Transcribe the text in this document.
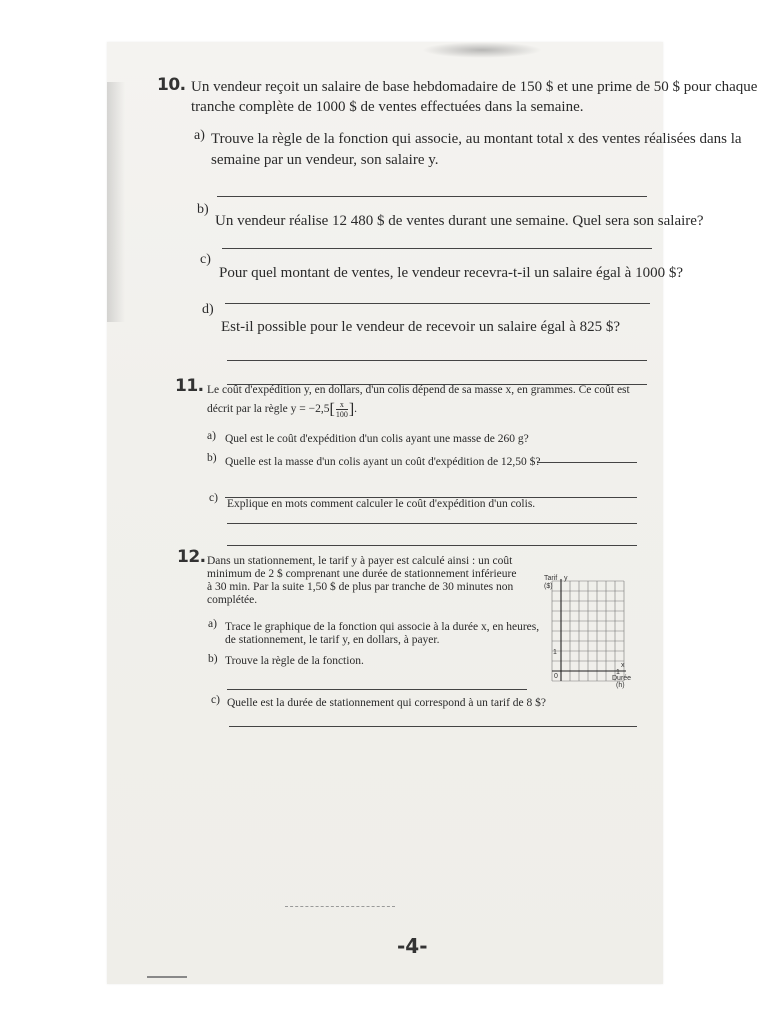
10. Un vendeur reçoit un salaire de base hebdomadaire de 150 $ et une prime de 50 $ pour chaque
tranche complète de 1000 $ de ventes effectuées dans la semaine.
a) Trouve la règle de la fonction qui associe, au montant total x des ventes réalisées dans la
semaine par un vendeur, son salaire y.
b)
Un vendeur réalise 12 480 $ de ventes durant une semaine. Quel sera son salaire?
c)
Pour quel montant de ventes, le vendeur recevra-t-il un salaire égal à 1000 $?
d)
Est-il possible pour le vendeur de recevoir un salaire égal à 825 $?
11. Le coût d'expédition y, en dollars, d'un colis dépend de sa masse x, en grammes. Ce coût est
décrit par la règle $y = -2,5[ \frac{x}{100}$ ].
a) Quel est le coût d'expédition d'un colis ayant une masse de 260 g?
b) Quelle est la masse d'un colis ayant un coût d'expédition de 12,50 $?
c) Explique en mots comment calculer le coût d'expédition d'un colis.
12. Dans un stationnement, le tarif y à payer est calculé ainsi : un coût
minimum de 2 $ comprenant une durée de stationnement inférieure
à 30 min. Par la suite 1,50 $ de plus par tranche de 30 minutes non
complétée.
a) Trace le graphique de la fonction qui associe à la durée x, en heures,
de stationnement, le tarif y, en dollars, à payer.
b) Trouve la règle de la fonction.
c) Quelle est la durée de stationnement qui correspond à un tarif de 8 $?
Tarif
($)
y
1
0
x
1
Durée
(h)
-4-
